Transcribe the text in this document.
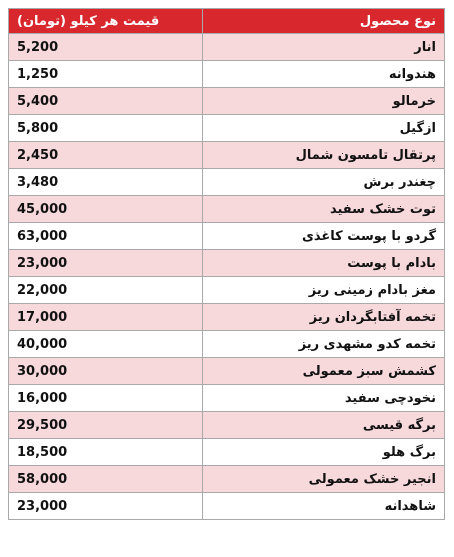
نوع محصول	قیمت هر کیلو (تومان)
انار	5,200
هندوانه	1,250
خرمالو	5,400
ازگیل	5,800
پرتقال تامسون شمال	2,450
چغندر برش	3,480
توت خشک سفید	45,000
گردو با پوست کاغذی	63,000
بادام با پوست	23,000
مغز بادام زمینی ریز	22,000
تخمه آفتابگردان ریز	17,000
تخمه کدو مشهدی ریز	40,000
کشمش سبز معمولی	30,000
نخودچی سفید	16,000
برگه قیسی	29,500
برگ هلو	18,500
انجیر خشک معمولی	58,000
شاهدانه	23,000
